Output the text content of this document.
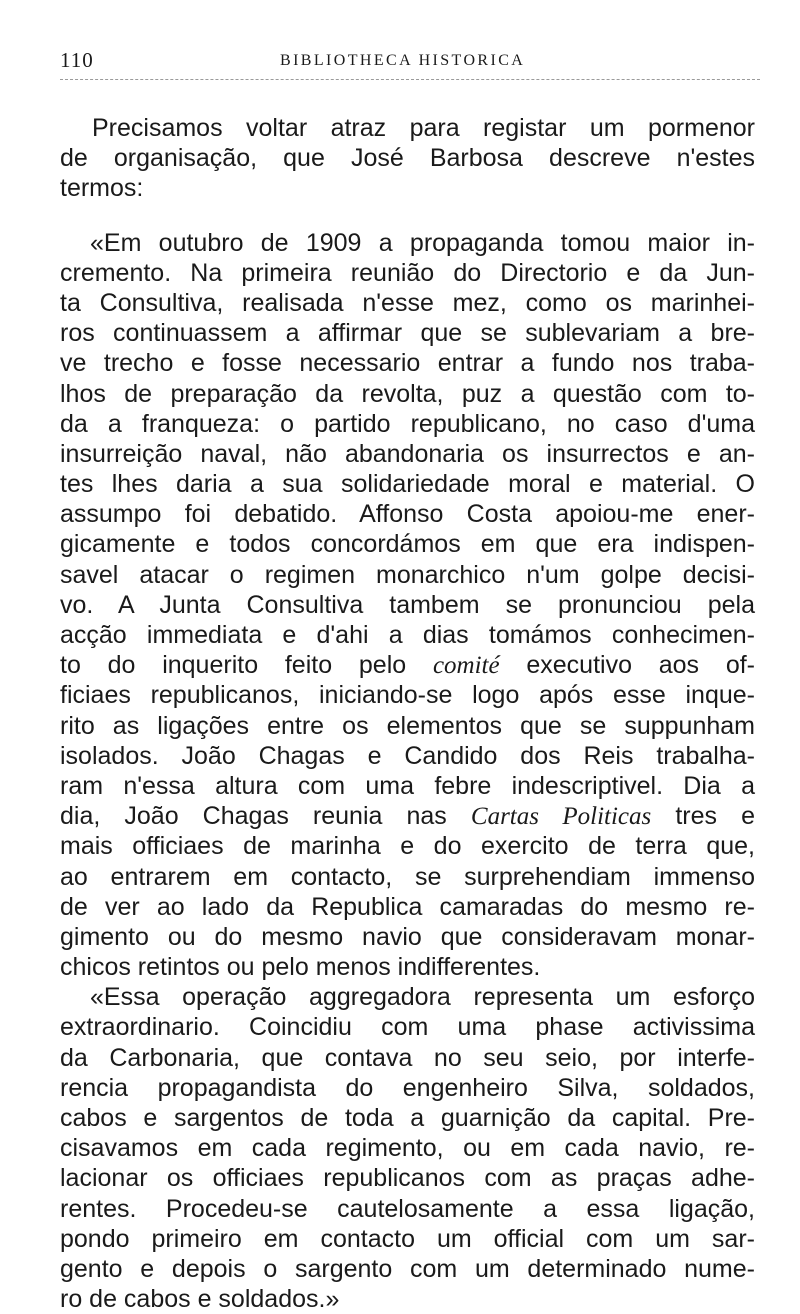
110	BIBLIOTHECA HISTORICA
Precisamos voltar atraz para registar um pormenor
de organisação, que José Barbosa descreve n'estes
termos:
«Em outubro de 1909 a propaganda tomou maior in-
cremento. Na primeira reunião do Directorio e da Jun-
ta Consultiva, realisada n'esse mez, como os marinhei-
ros continuassem a affirmar que se sublevariam a bre-
ve trecho e fosse necessario entrar a fundo nos traba-
lhos de preparação da revolta, puz a questão com to-
da a franqueza: o partido republicano, no caso d'uma
insurreição naval, não abandonaria os insurrectos e an-
tes lhes daria a sua solidariedade moral e material. O
assumpo foi debatido. Affonso Costa apoiou-me ener-
gicamente e todos concordámos em que era indispen-
savel atacar o regimen monarchico n'um golpe decisi-
vo. A Junta Consultiva tambem se pronunciou pela
acção immediata e d'ahi a dias tomámos conhecimen-
to do inquerito feito pelo comité executivo aos of-
ficiaes republicanos, iniciando-se logo após esse inque-
rito as ligações entre os elementos que se suppunham
isolados. João Chagas e Candido dos Reis trabalha-
ram n'essa altura com uma febre indescriptivel. Dia a
dia, João Chagas reunia nas Cartas Politicas tres e
mais officiaes de marinha e do exercito de terra que,
ao entrarem em contacto, se surprehendiam immenso
de ver ao lado da Republica camaradas do mesmo re-
gimento ou do mesmo navio que consideravam monar-
chicos retintos ou pelo menos indifferentes.
«Essa operação aggregadora representa um esforço
extraordinario. Coincidiu com uma phase activissima
da Carbonaria, que contava no seu seio, por interfe-
rencia propagandista do engenheiro Silva, soldados,
cabos e sargentos de toda a guarnição da capital. Pre-
cisavamos em cada regimento, ou em cada navio, re-
lacionar os officiaes republicanos com as praças adhe-
rentes. Procedeu-se cautelosamente a essa ligação,
pondo primeiro em contacto um official com um sar-
gento e depois o sargento com um determinado nume-
ro de cabos e soldados.»
